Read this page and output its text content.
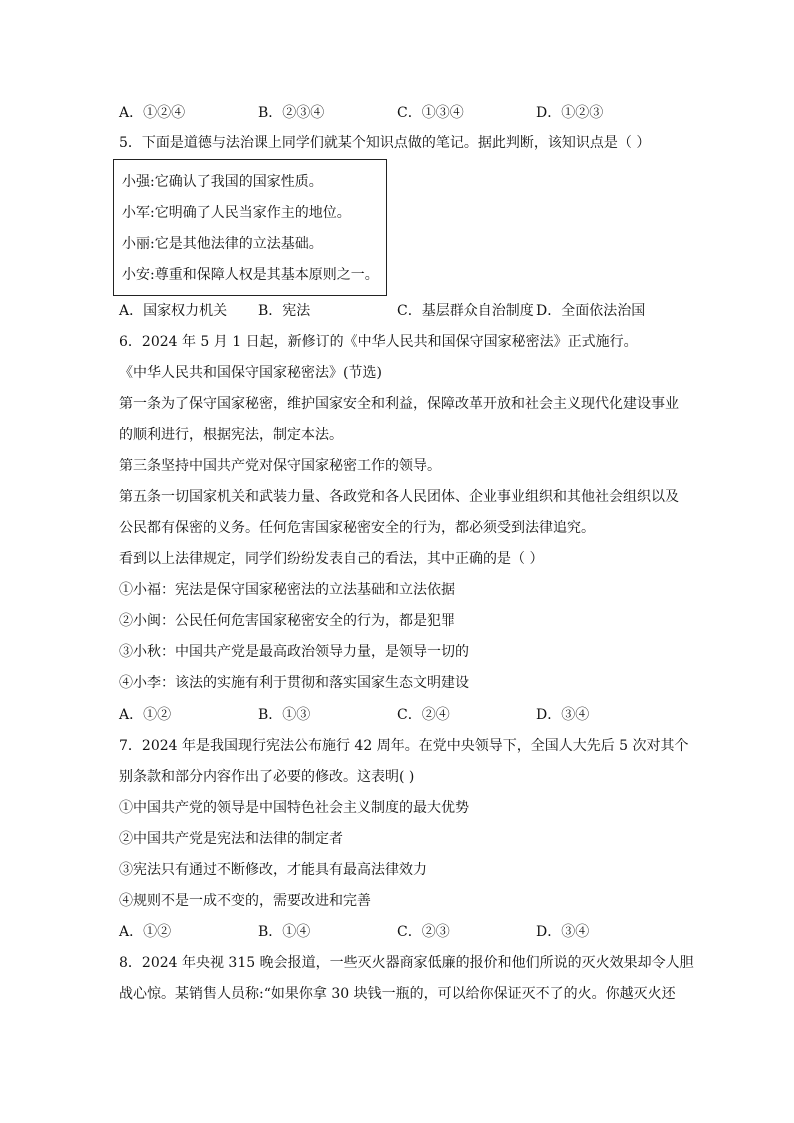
A．①②④	B．②③④	C．①③④	D．①②③
5．下面是道德与法治课上同学们就某个知识点做的笔记。据此判断，该知识点是（ ）
小强:它确认了我国的国家性质。
小军:它明确了人民当家作主的地位。
小丽:它是其他法律的立法基础。
小安:尊重和保障人权是其基本原则之一。
A．国家权力机关 B．宪法	C．基层群众自治制度 D．全面依法治国
6．2024 年 5 月 1 日起，新修订的《中华人民共和国保守国家秘密法》正式施行。
《中华人民共和国保守国家秘密法》(节选)
第一条为了保守国家秘密，维护国家安全和利益，保障改革开放和社会主义现代化建设事业
的顺利进行，根据宪法，制定本法。
第三条坚持中国共产党对保守国家秘密工作的领导。
第五条一切国家机关和武装力量、各政党和各人民团体、企业事业组织和其他社会组织以及
公民都有保密的义务。任何危害国家秘密安全的行为，都必须受到法律追究。
看到以上法律规定，同学们纷纷发表自己的看法，其中正确的是（ ）
①小福：宪法是保守国家秘密法的立法基础和立法依据
②小闽：公民任何危害国家秘密安全的行为，都是犯罪
③小秋：中国共产党是最高政治领导力量，是领导一切的
④小李：该法的实施有利于贯彻和落实国家生态文明建设
A．①②	B．①③	C．②④	D．③④
7．2024 年是我国现行宪法公布施行 42 周年。在党中央领导下，全国人大先后 5 次对其个
别条款和部分内容作出了必要的修改。这表明( )
①中国共产党的领导是中国特色社会主义制度的最大优势
②中国共产党是宪法和法律的制定者
③宪法只有通过不断修改，才能具有最高法律效力
④规则不是一成不变的，需要改进和完善
A．①②	B．①④	C．②③	D．③④
8．2024 年央视 315 晚会报道，一些灭火器商家低廉的报价和他们所说的灭火效果却令人胆
战心惊。某销售人员称:“如果你拿 30 块钱一瓶的，可以给你保证灭不了的火。你越灭火还
